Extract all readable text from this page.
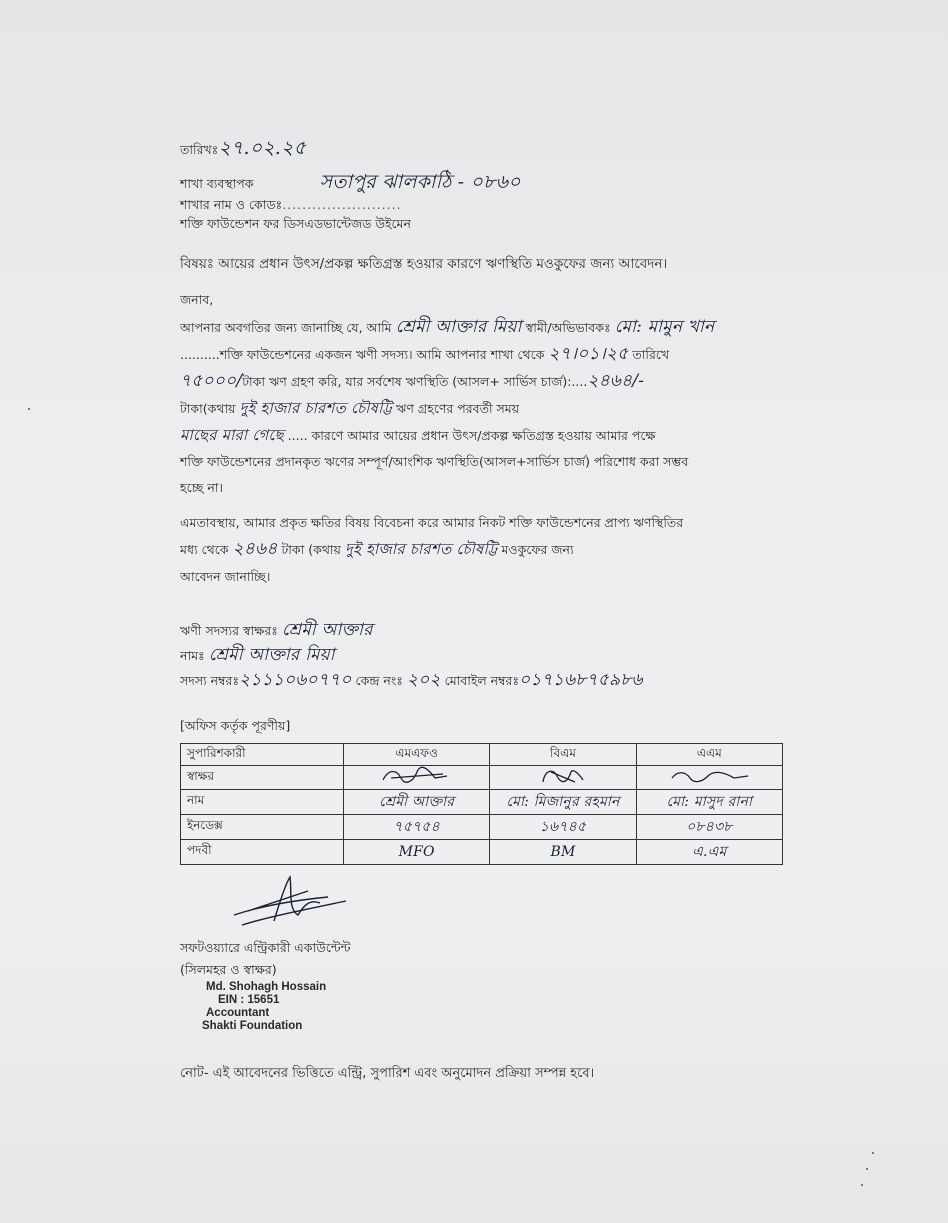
তারিখঃ২৭.০২.২৫
শাখা ব্যবস্থাপক	সতাপুর ঝালকাঠি - ০৮৬০
শাখার নাম ও কোডঃ........................
শক্তি ফাউন্ডেশন ফর ডিসএডভান্টেজড উইমেন
বিষয়ঃ আয়ের প্রধান উৎস/প্রকল্প ক্ষতিগ্রস্ত হওয়ার কারণে ঋণস্থিতি মওকুফের জন্য আবেদন।
জনাব,
আপনার অবগতির জন্য জানাচ্ছি যে, আমি শ্রেমী আক্তার মিয়া স্বামী/অভিভাবকঃ মো: মামুন খান
..........শক্তি ফাউন্ডেশনের একজন ঋণী সদস্য। আমি আপনার শাখা থেকে ২৭।০১।২৫ তারিখে
৭৫০০০/টাকা ঋণ গ্রহণ করি, যার সর্বশেষ ঋণস্থিতি (আসল+ সার্ভিস চার্জ):....২৪৬৪/-
টাকা(কথায় দুই হাজার চারশত চৌষট্টি ঋণ গ্রহণের পরবর্তী সময়
মাছের মারা গেছে ..... কারণে আমার আয়ের প্রধান উৎস/প্রকল্প ক্ষতিগ্রস্ত হওয়ায় আমার পক্ষে
শক্তি ফাউন্ডেশনের প্রদানকৃত ঋণের সম্পূর্ণ/আংশিক ঋণস্থিতি(আসল+সার্ভিস চার্জ) পরিশোধ করা সম্ভব
হচ্ছে না।
এমতাবস্থায়, আমার প্রকৃত ক্ষতির বিষয় বিবেচনা করে আমার নিকট শক্তি ফাউন্ডেশনের প্রাপ্য ঋণস্থিতির
মধ্য থেকে ২৪৬৪ টাকা (কথায় দুই হাজার চারশত চৌষট্টি মওকুফের জন্য
আবেদন জানাচ্ছি।
ঋণী সদস্যর স্বাক্ষরঃ শ্রেমী আক্তার
নামঃ শ্রেমী আক্তার মিয়া
সদস্য নম্বরঃ২১১১০৬০৭৭০ কেন্দ্র নংঃ ২০২ মোবাইল নম্বরঃ০১৭১৬৮৭৫৯৮৬
[অফিস কর্তৃক পূরণীয়]
সুপারিশকারী	এমএফও	বিএম	এএম
স্বাক্ষর			
নাম	শ্রেমী আক্তার	মো: মিজানুর রহমান	মো: মাসুদ রানা
ইনডেক্স	৭৫৭৫৪	১৬৭৪৫	০৮৪৩৮
পদবী	MFO	BM	এ.এম
সফটওয়্যারে এন্ট্রিকারী একাউন্টেন্ট
(সিলমহর ও স্বাক্ষর)
Md. Shohagh Hossain
EIN : 15651
Accountant
Shakti Foundation
নোট- এই আবেদনের ভিত্তিতে এন্ট্রি, সুপারিশ এবং অনুমোদন প্রক্রিয়া সম্পন্ন হবে।
